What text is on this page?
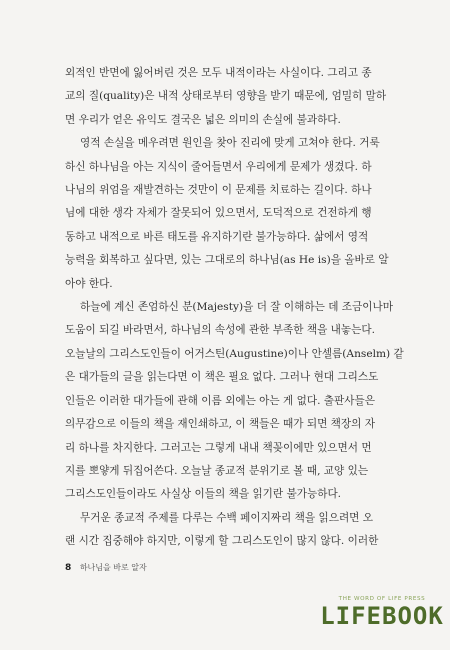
외적인 반면에 잃어버린 것은 모두 내적이라는 사실이다. 그리고 종
교의 질(quality)은 내적 상태로부터 영향을 받기 때문에, 엄밀히 말하
면 우리가 얻은 유익도 결국은 넓은 의미의 손실에 불과하다.
영적 손실을 메우려면 원인을 찾아 진리에 맞게 고쳐야 한다. 거룩
하신 하나님을 아는 지식이 줄어들면서 우리에게 문제가 생겼다. 하
나님의 위엄을 재발견하는 것만이 이 문제를 치료하는 길이다. 하나
님에 대한 생각 자체가 잘못되어 있으면서, 도덕적으로 건전하게 행
동하고 내적으로 바른 태도를 유지하기란 불가능하다. 삶에서 영적
능력을 회복하고 싶다면, 있는 그대로의 하나님(as He is)을 올바로 알
아야 한다.
하늘에 계신 존엄하신 분(Majesty)을 더 잘 이해하는 데 조금이나마
도움이 되길 바라면서, 하나님의 속성에 관한 부족한 책을 내놓는다.
오늘날의 그리스도인들이 어거스틴(Augustine)이나 안셀름(Anselm) 같
은 대가들의 글을 읽는다면 이 책은 필요 없다. 그러나 현대 그리스도
인들은 이러한 대가들에 관해 이름 외에는 아는 게 없다. 출판사들은
의무감으로 이들의 책을 재인쇄하고, 이 책들은 때가 되면 책장의 자
리 하나를 차지한다. 그러고는 그렇게 내내 책꽂이에만 있으면서 먼
지를 뽀얗게 뒤집어쓴다. 오늘날 종교적 분위기로 볼 때, 교양 있는
그리스도인들이라도 사실상 이들의 책을 읽기란 불가능하다.
무거운 종교적 주제를 다루는 수백 페이지짜리 책을 읽으려면 오
랜 시간 집중해야 하지만, 이렇게 할 그리스도인이 많지 않다. 이러한
8 하나님을 바로 알자
THE WORD OF LIFE PRESS
LIFEBOOK
